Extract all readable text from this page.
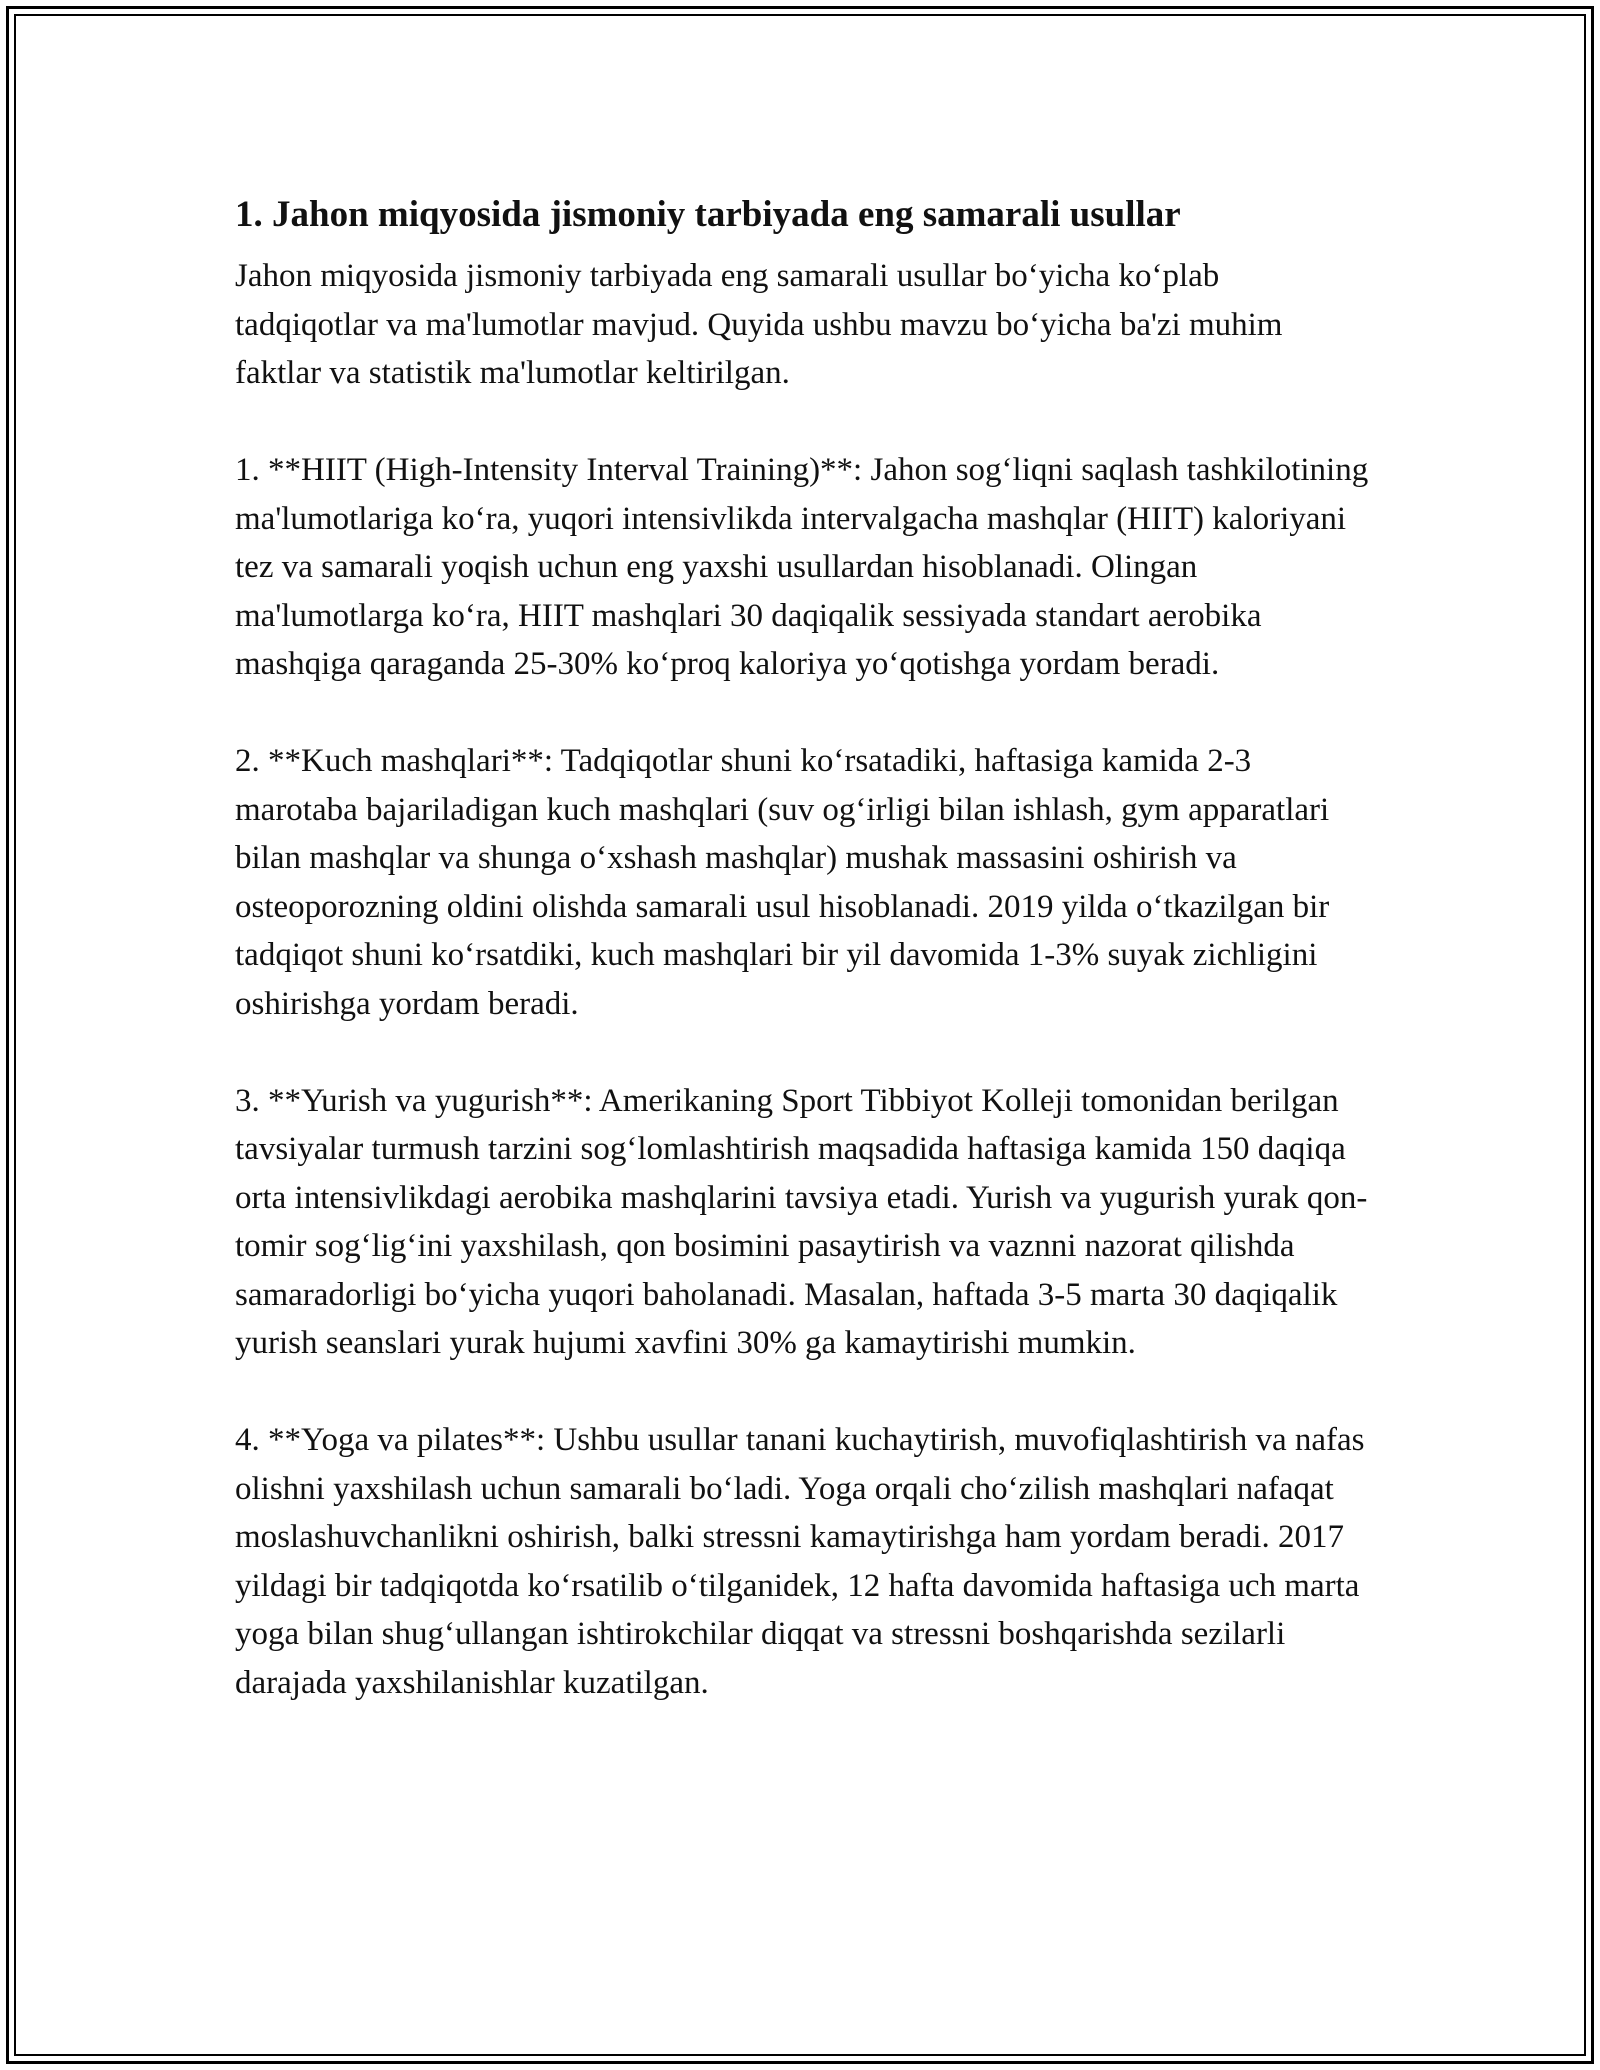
1. Jahon miqyosida jismoniy tarbiyada eng samarali usullar

Jahon miqyosida jismoniy tarbiyada eng samarali usullar bo‘yicha ko‘plab tadqiqotlar va ma'lumotlar mavjud. Quyida ushbu mavzu bo‘yicha ba'zi muhim faktlar va statistik ma'lumotlar keltirilgan.

1. **HIIT (High-Intensity Interval Training)**: Jahon sog‘liqni saqlash tashkilotining ma'lumotlariga ko‘ra, yuqori intensivlikda intervalgacha mashqlar (HIIT) kaloriyani tez va samarali yoqish uchun eng yaxshi usullardan hisoblanadi. Olingan ma'lumotlarga ko‘ra, HIIT mashqlari 30 daqiqalik sessiyada standart aerobika mashqiga qaraganda 25-30% ko‘proq kaloriya yo‘qotishga yordam beradi.

2. **Kuch mashqlari**: Tadqiqotlar shuni ko‘rsatadiki, haftasiga kamida 2-3 marotaba bajariladigan kuch mashqlari (suv og‘irligi bilan ishlash, gym apparatlari bilan mashqlar va shunga o‘xshash mashqlar) mushak massasini oshirish va osteoporozning oldini olishda samarali usul hisoblanadi. 2019 yilda o‘tkazilgan bir tadqiqot shuni ko‘rsatdiki, kuch mashqlari bir yil davomida 1-3% suyak zichligini oshirishga yordam beradi.

3. **Yurish va yugurish**: Amerikaning Sport Tibbiyot Kolleji tomonidan berilgan tavsiyalar turmush tarzini sog‘lomlashtirish maqsadida haftasiga kamida 150 daqiqa orta intensivlikdagi aerobika mashqlarini tavsiya etadi. Yurish va yugurish yurak qon-tomir sog‘lig‘ini yaxshilash, qon bosimini pasaytirish va vaznni nazorat qilishda samaradorligi bo‘yicha yuqori baholanadi. Masalan, haftada 3-5 marta 30 daqiqalik yurish seanslari yurak hujumi xavfini 30% ga kamaytirishi mumkin.

4. **Yoga va pilates**: Ushbu usullar tanani kuchaytirish, muvofiqlashtirish va nafas olishni yaxshilash uchun samarali bo‘ladi. Yoga orqali cho‘zilish mashqlari nafaqat moslashuvchanlikni oshirish, balki stressni kamaytirishga ham yordam beradi. 2017 yildagi bir tadqiqotda ko‘rsatilib o‘tilganidek, 12 hafta davomida haftasiga uch marta yoga bilan shug‘ullangan ishtirokchilar diqqat va stressni boshqarishda sezilarli darajada yaxshilanishlar kuzatilgan.
